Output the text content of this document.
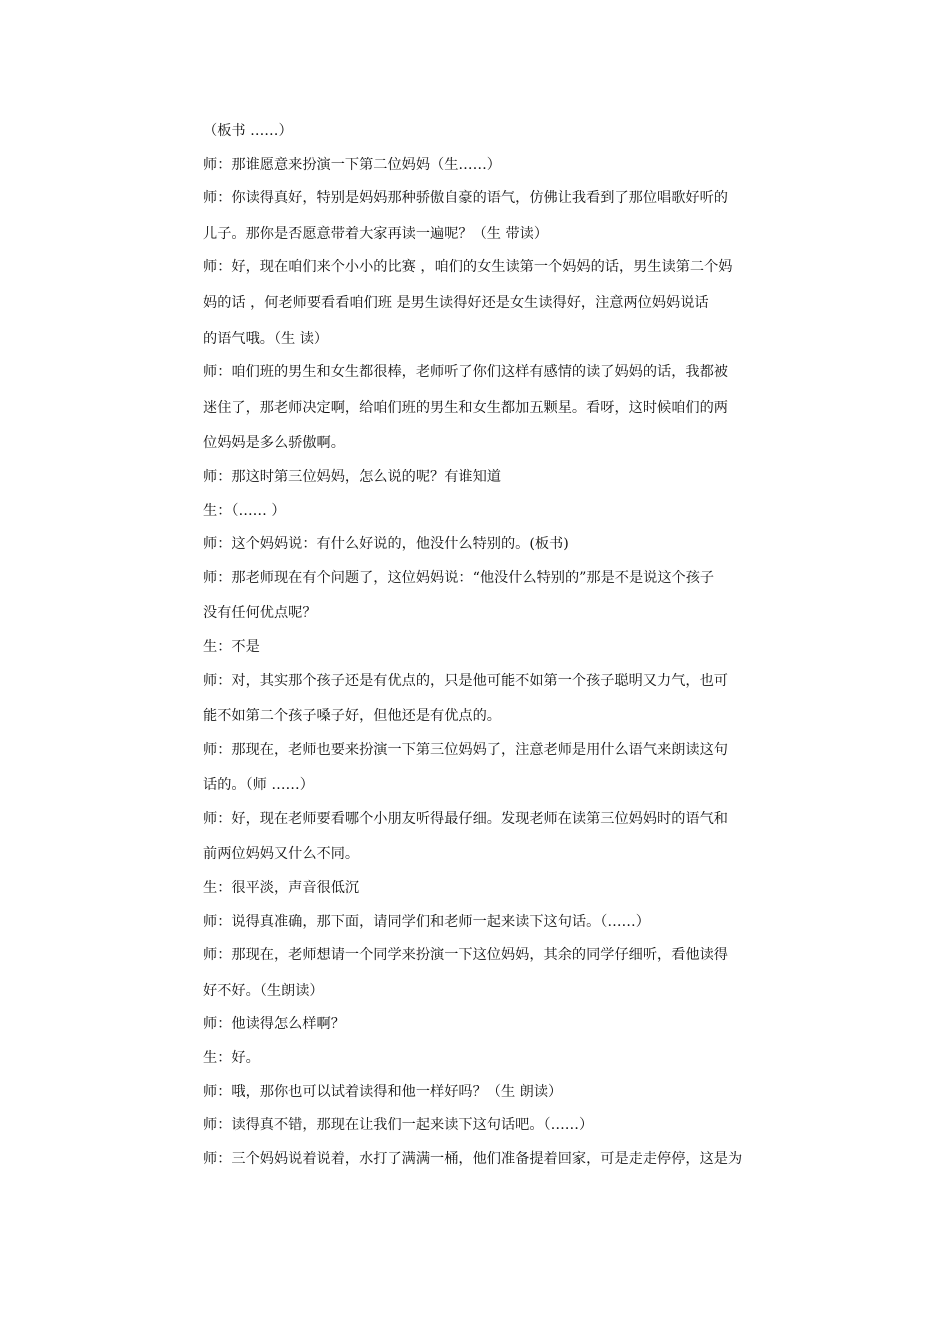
（板书 ……）

师：那谁愿意来扮演一下第二位妈妈（生……）

师：你读得真好，特别是妈妈那种骄傲自豪的语气，仿佛让我看到了那位唱歌好听的

儿子。那你是否愿意带着大家再读一遍呢？（生 带读）

师：好，现在咱们来个小小的比赛 ，咱们的女生读第一个妈妈的话，男生读第二个妈

妈的话 ，何老师要看看咱们班 是男生读得好还是女生读得好，注意两位妈妈说话

的语气哦。（生 读）

师：咱们班的男生和女生都很棒，老师听了你们这样有感情的读了妈妈的话，我都被

迷住了，那老师决定啊，给咱们班的男生和女生都加五颗星。看呀，这时候咱们的两

位妈妈是多么骄傲啊。

师：那这时第三位妈妈，怎么说的呢？有谁知道

生：（…… ）

师：这个妈妈说：有什么好说的，他没什么特别的。(板书)

师：那老师现在有个问题了，这位妈妈说：“他没什么特别的”那是不是说这个孩子

没有任何优点呢？

生：不是

师：对，其实那个孩子还是有优点的，只是他可能不如第一个孩子聪明又力气，也可

能不如第二个孩子嗓子好，但他还是有优点的。

师：那现在，老师也要来扮演一下第三位妈妈了，注意老师是用什么语气来朗读这句

话的。（师 ……）

师：好，现在老师要看哪个小朋友听得最仔细。发现老师在读第三位妈妈时的语气和

前两位妈妈又什么不同。

生：很平淡，声音很低沉

师：说得真准确，那下面，请同学们和老师一起来读下这句话。（……）

师：那现在，老师想请一个同学来扮演一下这位妈妈，其余的同学仔细听，看他读得

好不好。（生朗读）

师：他读得怎么样啊？

生：好。

师：哦，那你也可以试着读得和他一样好吗？（生 朗读）

师：读得真不错，那现在让我们一起来读下这句话吧。（……）

师：三个妈妈说着说着，水打了满满一桶，他们准备提着回家，可是走走停停，这是为
